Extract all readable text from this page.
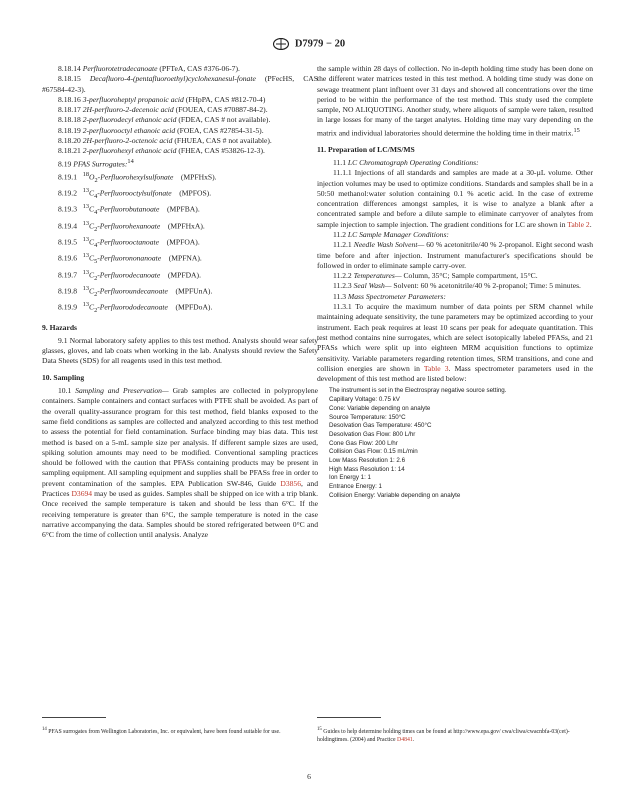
D7979 − 20

8.18.14 Perfluorotetradecanoate (PFTeA, CAS #376-06-7).

8.18.15 Decafluoro-4-(pentafluoroethyl)cyclohexanesul-fonate (PFecHS, CAS #67584-42-3).

8.18.16 3-perfluoroheptyl propanoic acid (FHpPA, CAS #812-70-4)

8.18.17 2H-perfluoro-2-decenoic acid (FOUEA, CAS #70887-84-2).

8.18.18 2-perfluorodecyl ethanoic acid (FDEA, CAS # not available).

8.18.19 2-perfluorooctyl ethanoic acid (FOEA, CAS #27854-31-5).

8.18.20 2H-perfluoro-2-octenoic acid (FHUEA, CAS # not available).

8.18.21 2-perfluorohexyl ethanoic acid (FHEA, CAS #53826-12-3).

8.19 PFAS Surrogates:$^{14}$

8.19.1 $^{18}O_2$-Perfluorohexylsulfonate (MPFHxS).

8.19.2 $^{13}C_4$-Perfluorooctylsulfonate (MPFOS).

8.19.3 $^{13}C_4$-Perfluorobutanoate (MPFBA).

8.19.4 $^{13}C_2$-Perfluorohexanoate (MPFHxA).

8.19.5 $^{13}C_4$-Perfluorooctanoate (MPFOA).

8.19.6 $^{13}C_5$-Perfluorononanoate (MPFNA).

8.19.7 $^{13}C_2$-Perfluorodecanoate (MPFDA).

8.19.8 $^{13}C_2$-Perfluoroundecanoate (MPFUnA).

8.19.9 $^{13}C_2$-Perfluorododecanoate (MPFDoA).

9. Hazards

9.1 Normal laboratory safety applies to this test method. Analysts should wear safety glasses, gloves, and lab coats when working in the lab. Analysts should review the Safety Data Sheets (SDS) for all reagents used in this test method.

10. Sampling

10.1 Sampling and Preservation— Grab samples are collected in polypropylene containers. Sample containers and contact surfaces with PTFE shall be avoided. As part of the overall quality-assurance program for this test method, field blanks exposed to the same field conditions as samples are collected and analyzed according to this test method to assess the potential for field contamination. Surface binding may bias data. This test method is based on a 5-mL sample size per analysis. If different sample sizes are used, spiking solution amounts may need to be modified. Conventional sampling practices should be followed with the caution that PFASs containing products may be present in sampling equipment. All sampling equipment and supplies shall be PFASs free in order to prevent contamination of the samples. EPA Publication SW-846, Guide D3856, and Practices D3694 may be used as guides. Samples shall be shipped on ice with a trip blank. Once received the sample temperature is taken and should be less than 6°C. If the receiving temperature is greater than 6°C, the sample temperature is noted in the case narrative accompanying the data. Samples should be stored refrigerated between 0°C and 6°C from the time of collection until analysis. Analyze

the sample within 28 days of collection. No in-depth holding time study has been done on the different water matrices tested in this test method. A holding time study was done on sewage treatment plant influent over 31 days and showed all concentrations over the time period to be within the performance of the test method. This study used the complete sample, NO ALIQUOTING. Another study, where aliquots of sample were taken, resulted in large losses for many of the target analytes. Holding time may vary depending on the matrix and individual laboratories should determine the holding time in their matrix.$^{15}$

11. Preparation of LC/MS/MS

11.1 LC Chromatograph Operating Conditions:

11.1.1 Injections of all standards and samples are made at a 30-µL volume. Other injection volumes may be used to optimize conditions. Standards and samples shall be in a 50:50 methanol:water solution containing 0.1 % acetic acid. In the case of extreme concentration differences amongst samples, it is wise to analyze a blank after a concentrated sample and before a dilute sample to eliminate carryover of analytes from sample injection to sample injection. The gradient conditions for LC are shown in Table 2.

11.2 LC Sample Manager Conditions:

11.2.1 Needle Wash Solvent— 60 % acetonitrile/40 % 2-propanol. Eight second wash time before and after injection. Instrument manufacturer's specifications should be followed in order to eliminate sample carry-over.

11.2.2 Temperatures— Column, 35°C; Sample compartment, 15°C.

11.2.3 Seal Wash— Solvent: 60 % acetonitrile/40 % 2-propanol; Time: 5 minutes.

11.3 Mass Spectrometer Parameters:

11.3.1 To acquire the maximum number of data points per SRM channel while maintaining adequate sensitivity, the tune parameters may be optimized according to your instrument. Each peak requires at least 10 scans per peak for adequate quantitation. This test method contains nine surrogates, which are select isotopically labeled PFASs, and 21 PFASs which were split up into eighteen MRM acquisition functions to optimize sensitivity. Variable parameters regarding retention times, SRM transitions, and cone and collision energies are shown in Table 3. Mass spectrometer parameters used in the development of this test method are listed below:

The instrument is set in the Electrospray negative source setting.
Capillary Voltage: 0.75 kV
Cone: Variable depending on analyte
Source Temperature: 150°C
Desolvation Gas Temperature: 450°C
Desolvation Gas Flow: 800 L/hr
Cone Gas Flow: 200 L/hr
Collision Gas Flow: 0.15 mL/min
Low Mass Resolution 1: 2.6
High Mass Resolution 1: 14
Ion Energy 1: 1
Entrance Energy: 1
Collision Energy: Variable depending on analyte
$^{14}$ PFAS surrogates from Wellington Laboratories, Inc. or equivalent, have been found suitable for use.	$^{15}$ Guides to help determine holding times can be found at http://www.epa.gov/ cwa/cliwa/cwacnbfa-03(cet)-holdingtimes. (2004) and Practice D4841.
6
